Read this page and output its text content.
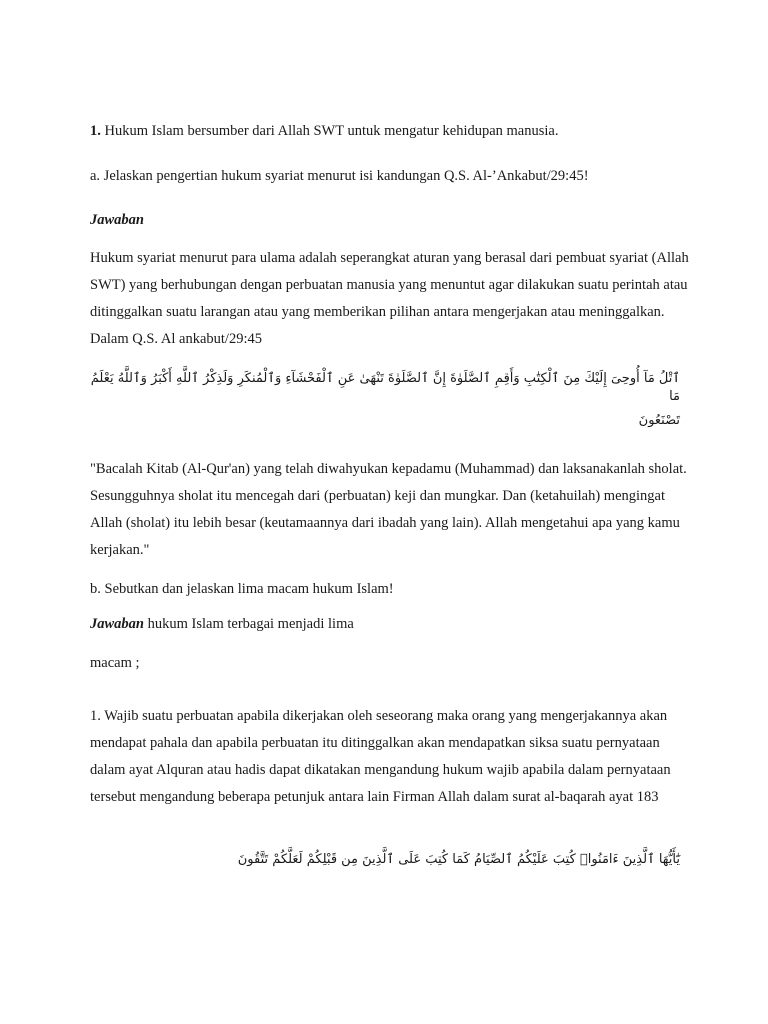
1. Hukum Islam bersumber dari Allah SWT untuk mengatur kehidupan manusia.

a. Jelaskan pengertian hukum syariat menurut isi kandungan Q.S. Al-’Ankabut/29:45!

Jawaban

Hukum syariat menurut para ulama adalah seperangkat aturan yang berasal dari pembuat syariat (Allah SWT) yang berhubungan dengan perbuatan manusia yang menuntut agar dilakukan suatu perintah atau ditinggalkan suatu larangan atau yang memberikan pilihan antara mengerjakan atau meninggalkan. Dalam Q.S. Al ankabut/29:45

ٱتْلُ مَآ أُوحِىَ إِلَيْكَ مِنَ ٱلْكِتَٰبِ وَأَقِمِ ٱلصَّلَوٰةَ إِنَّ ٱلصَّلَوٰةَ تَنْهَىٰ عَنِ ٱلْفَحْشَآءِ وَٱلْمُنكَرِ وَلَذِكْرُ ٱللَّهِ أَكْبَرُ وَٱللَّهُ يَعْلَمُ مَا
تَصْنَعُونَ

"Bacalah Kitab (Al-Qur'an) yang telah diwahyukan kepadamu (Muhammad) dan laksanakanlah sholat. Sesungguhnya sholat itu mencegah dari (perbuatan) keji dan mungkar. Dan (ketahuilah) mengingat Allah (sholat) itu lebih besar (keutamaannya dari ibadah yang lain). Allah mengetahui apa yang kamu kerjakan."

b. Sebutkan dan jelaskan lima macam hukum Islam!

Jawaban hukum Islam terbagai menjadi lima

macam ;

1. Wajib suatu perbuatan apabila dikerjakan oleh seseorang maka orang yang mengerjakannya akan mendapat pahala dan apabila perbuatan itu ditinggalkan akan mendapatkan siksa suatu pernyataan dalam ayat Alquran atau hadis dapat dikatakan mengandung hukum wajib apabila dalam pernyataan tersebut mengandung beberapa petunjuk antara lain Firman Allah dalam surat al-baqarah ayat 183

يَٰٓأَيُّهَا ٱلَّذِينَ ءَامَنُوا۟ كُتِبَ عَلَيْكُمُ ٱلصِّيَامُ كَمَا كُتِبَ عَلَى ٱلَّذِينَ مِن قَبْلِكُمْ لَعَلَّكُمْ تَتَّقُونَ
